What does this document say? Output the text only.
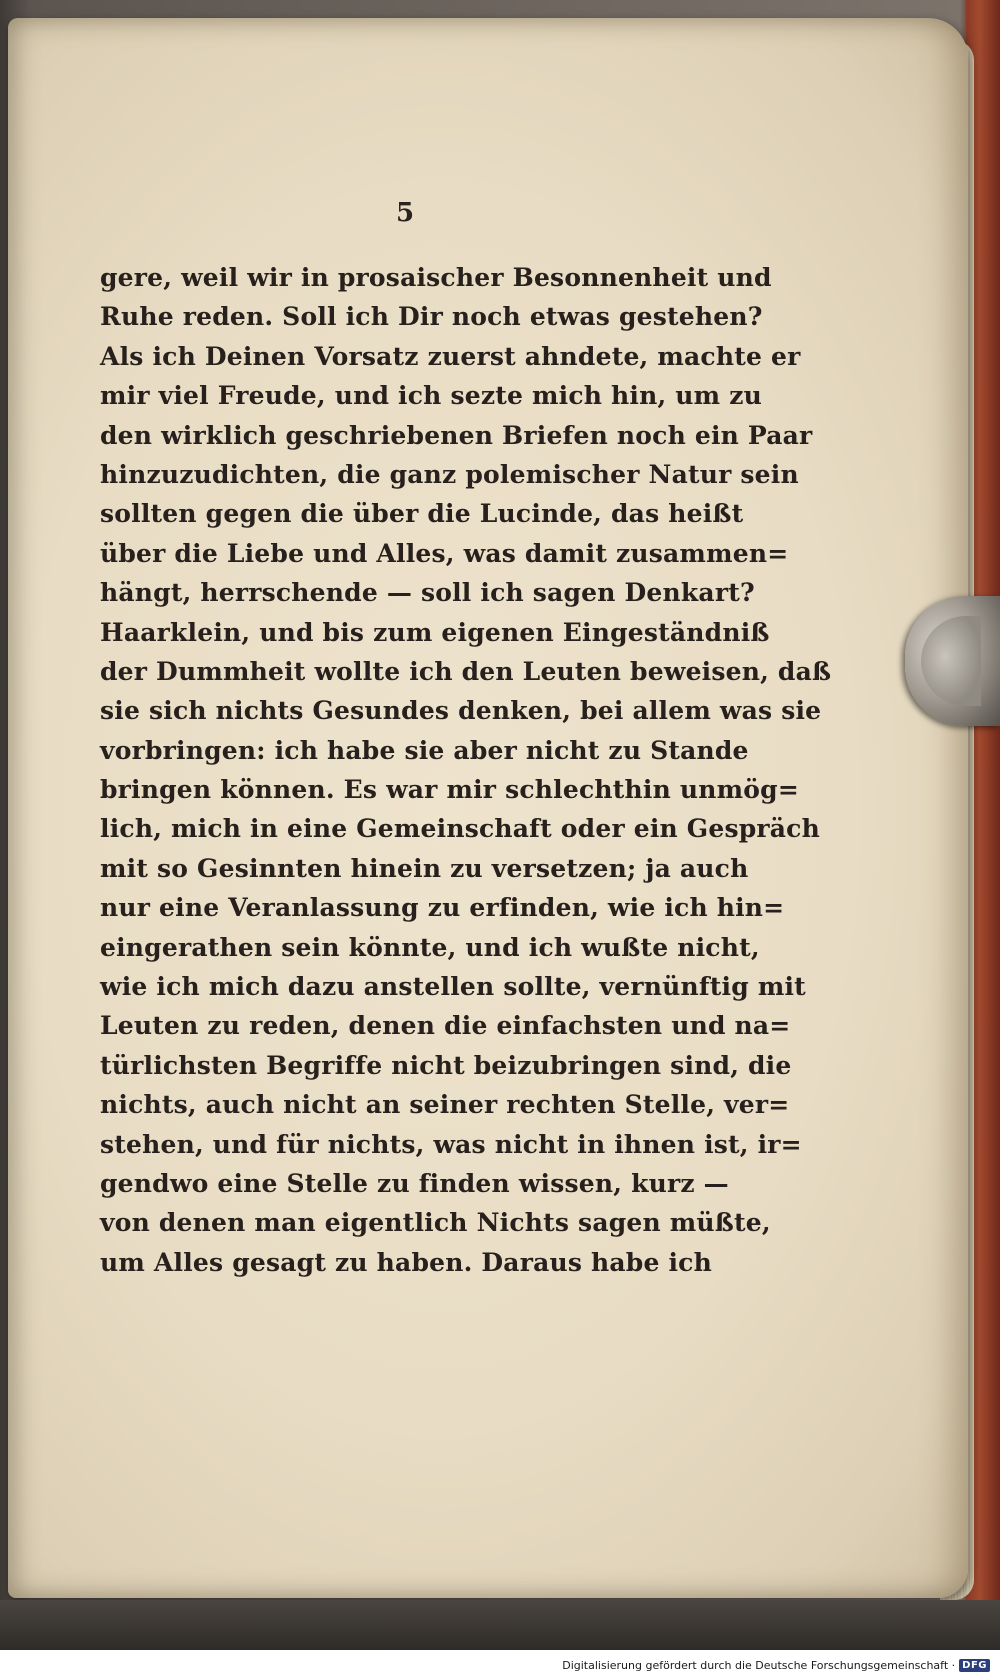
5
gere, weil wir in prosaischer Besonnenheit und
Ruhe reden. Soll ich Dir noch etwas gestehen?
Als ich Deinen Vorsatz zuerst ahndete, machte er
mir viel Freude, und ich sezte mich hin, um zu
den wirklich geschriebenen Briefen noch ein Paar
hinzuzudichten, die ganz polemischer Natur sein
sollten gegen die über die Lucinde, das heißt
über die Liebe und Alles, was damit zusammen=
hängt, herrschende — soll ich sagen Denkart?
Haarklein, und bis zum eigenen Eingeständniß
der Dummheit wollte ich den Leuten beweisen, daß
sie sich nichts Gesundes denken, bei allem was sie
vorbringen: ich habe sie aber nicht zu Stande
bringen können. Es war mir schlechthin unmög=
lich, mich in eine Gemeinschaft oder ein Gespräch
mit so Gesinnten hinein zu versetzen; ja auch
nur eine Veranlassung zu erfinden, wie ich hin=
eingerathen sein könnte, und ich wußte nicht,
wie ich mich dazu anstellen sollte, vernünftig mit
Leuten zu reden, denen die einfachsten und na=
türlichsten Begriffe nicht beizubringen sind, die
nichts, auch nicht an seiner rechten Stelle, ver=
stehen, und für nichts, was nicht in ihnen ist, ir=
gendwo eine Stelle zu finden wissen, kurz —
von denen man eigentlich Nichts sagen müßte,
um Alles gesagt zu haben. Daraus habe ich
Digitalisierung gefördert durch die Deutsche Forschungsgemeinschaft · DFG
